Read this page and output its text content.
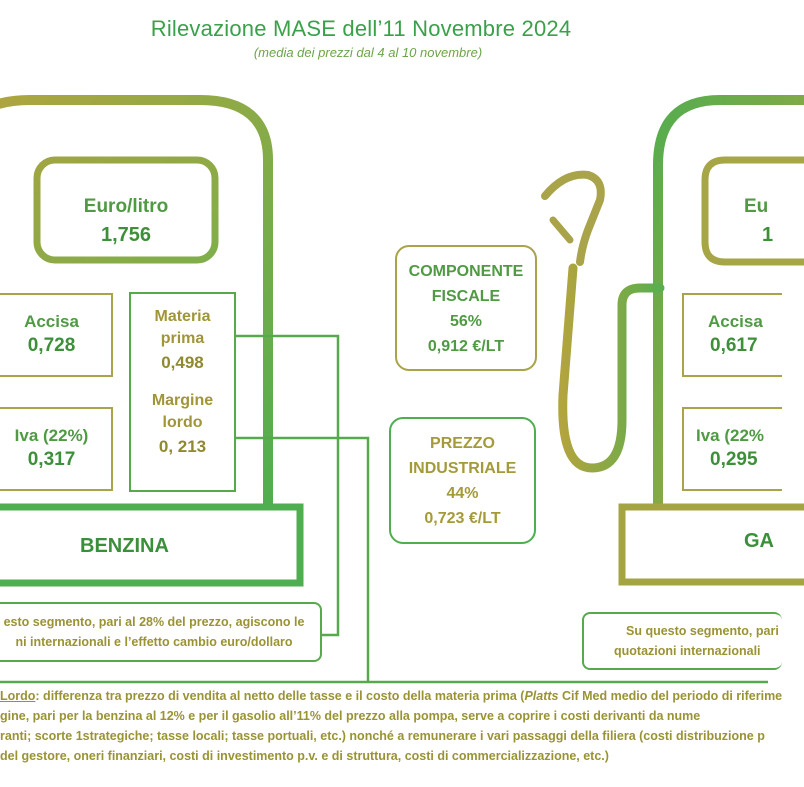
Rilevazione MASE dell’11 Novembre 2024
(media dei prezzi dal 4 al 10 novembre)
Euro/litro
1,756
Accisa
0,728
Iva (22%)
0,317
Materia
prima
0,498
Margine
lordo
0, 213
BENZINA
esto segmento, pari al 28% del prezzo, agiscono le
ni internazionali e l’effetto cambio euro/dollaro
COMPONENTE
FISCALE
56%
0,912 €/LT
PREZZO
INDUSTRIALE
44%
0,723 €/LT
Eu
1
Accisa
0,617
Iva (22%
0,295
GA
Su questo segmento, pari
quotazioni internazionali
Lordo: differenza tra prezzo di vendita al netto delle tasse e il costo della materia prima (Platts Cif Med medio del periodo di riferime
gine, pari per la benzina al 12% e per il gasolio all’11% del prezzo alla pompa, serve a coprire i costi derivanti da nume
ranti; scorte 1strategiche; tasse locali; tasse portuali, etc.) nonché a remunerare i vari passaggi della filiera (costi distribuzione p
del gestore, oneri finanziari, costi di investimento p.v. e di struttura, costi di commercializzazione, etc.)
